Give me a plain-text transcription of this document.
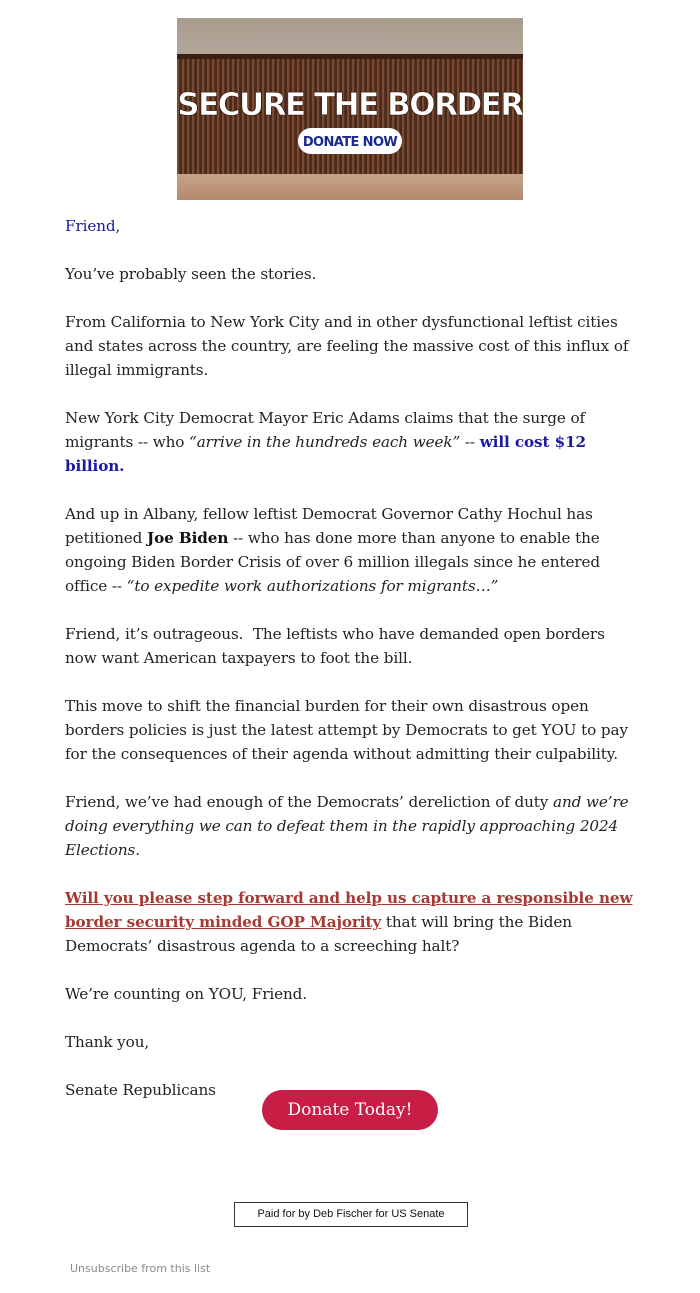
SECURE THE BORDER
DONATE NOW

Friend,

You’ve probably seen the stories.

From California to New York City and in other dysfunctional leftist cities and states across the country, are feeling the massive cost of this influx of illegal immigrants.

New York City Democrat Mayor Eric Adams claims that the surge of migrants -- who “arrive in the hundreds each week” -- will cost $12 billion.

And up in Albany, fellow leftist Democrat Governor Cathy Hochul has petitioned Joe Biden -- who has done more than anyone to enable the ongoing Biden Border Crisis of over 6 million illegals since he entered office -- “to expedite work authorizations for migrants…”

Friend, it’s outrageous.  The leftists who have demanded open borders now want American taxpayers to foot the bill.

This move to shift the financial burden for their own disastrous open borders policies is just the latest attempt by Democrats to get YOU to pay for the consequences of their agenda without admitting their culpability.

Friend, we’ve had enough of the Democrats’ dereliction of duty and we’re doing everything we can to defeat them in the rapidly approaching 2024 Elections.

Will you please step forward and help us capture a responsible new border security minded GOP Majority that will bring the Biden Democrats’ disastrous agenda to a screeching halt?

We’re counting on YOU, Friend.

Thank you,

Senate Republicans

Donate Today!
Paid for by Deb Fischer for US Senate
Unsubscribe from this list
